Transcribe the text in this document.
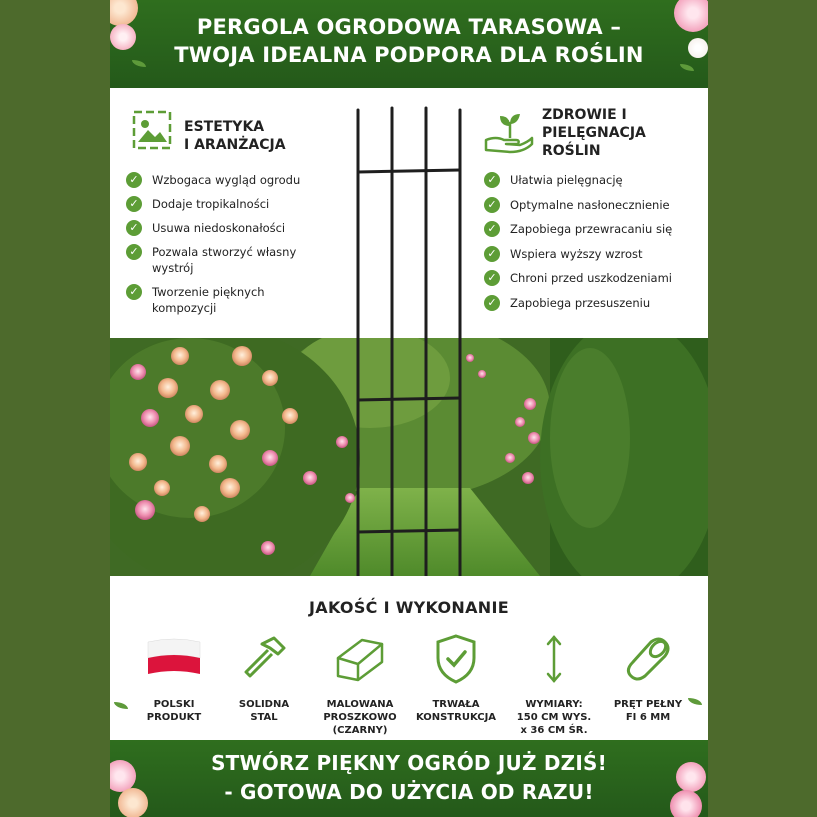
PERGOLA OGRODOWA TARASOWA –
TWOJA IDEALNA PODPORA DLA ROŚLIN
ESTETYKA
I ARANŻACJA
✓ Wzbogaca wygląd ogrodu
✓ Dodaje tropikalności
✓ Usuwa niedoskonałości
✓ Pozwala stworzyć własny wystrój
✓ Tworzenie pięknych kompozycji
ZDROWIE I
PIELĘGNACJA
ROŚLIN
✓ Ułatwia pielęgnację
✓ Optymalne nasłonecznienie
✓ Zapobiega przewracaniu się
✓ Wspiera wyższy wzrost
✓ Chroni przed uszkodzeniami
✓ Zapobiega przesuszeniu
JAKOŚĆ I WYKONANIE
POLSKI
PRODUKT
SOLIDNA
STAL
MALOWANA
PROSZKOWO
(CZARNY)
TRWAŁA
KONSTRUKCJA
WYMIARY:
150 CM WYS.
x 36 CM ŚR.
PRĘT PEŁNY
FI 6 MM
STWÓRZ PIĘKNY OGRÓD JUŻ DZIŚ!
- GOTOWA DO UŻYCIA OD RAZU!
